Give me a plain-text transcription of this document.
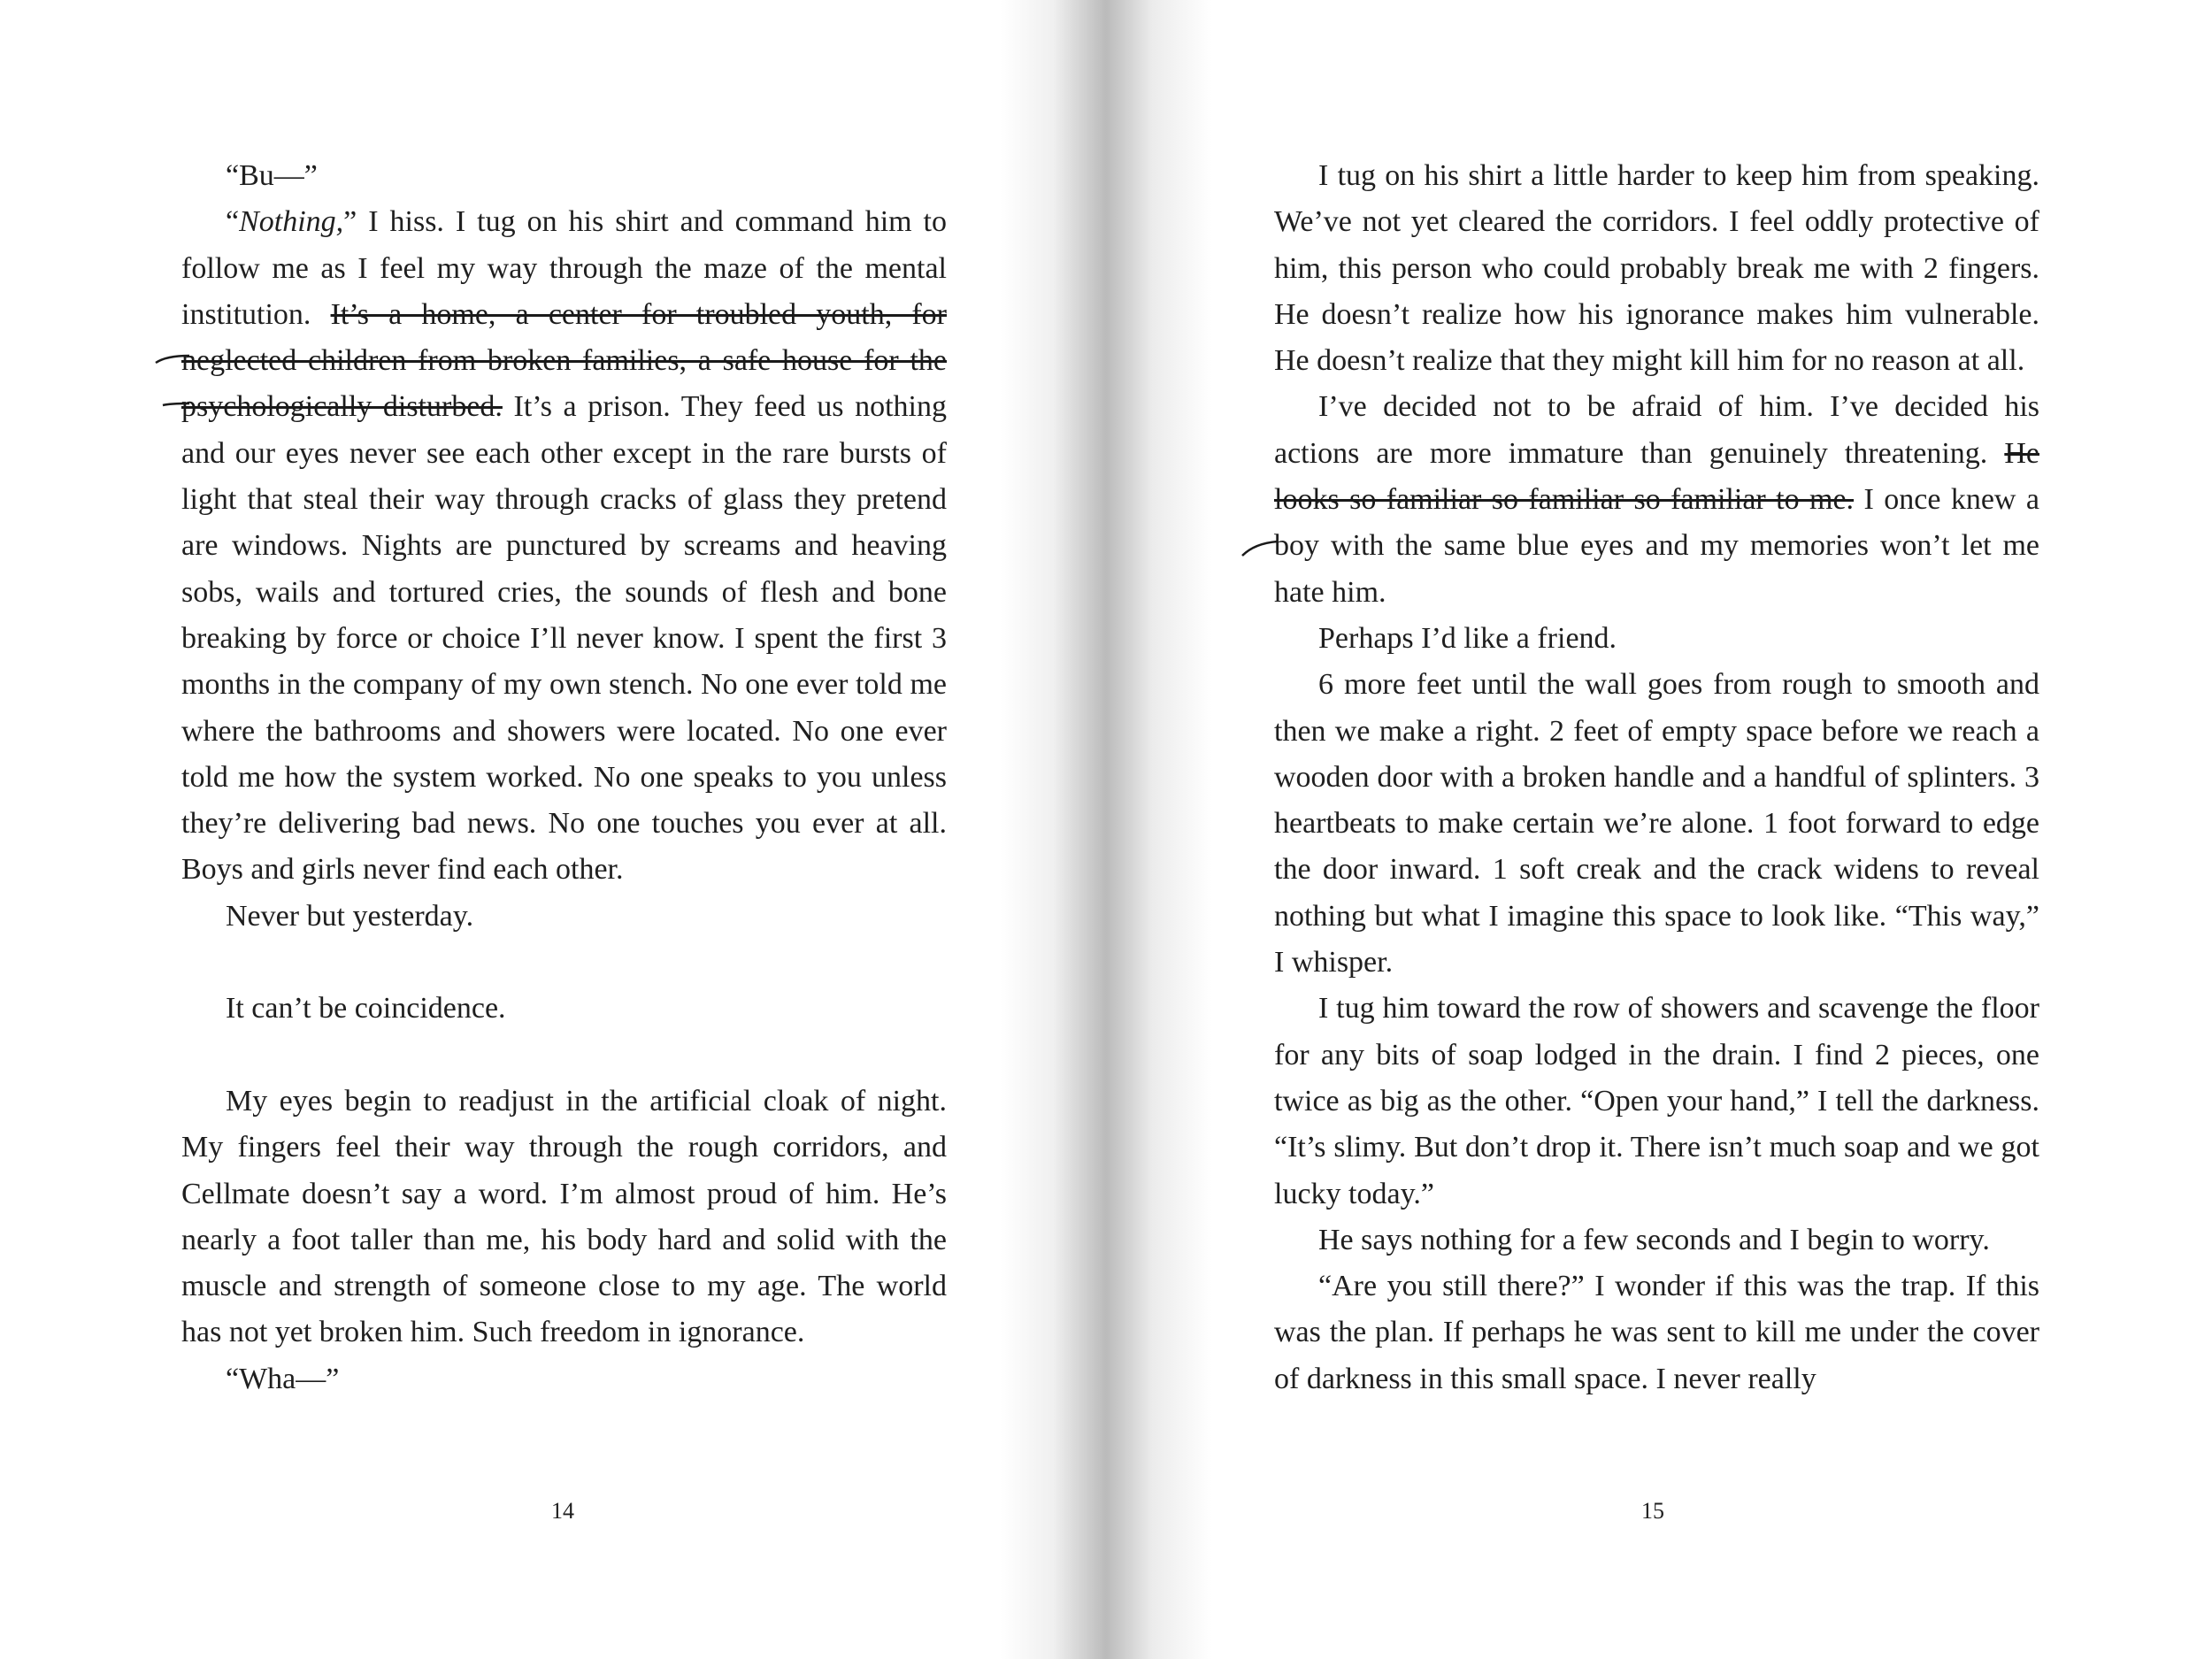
“Bu—”

“Nothing,” I hiss. I tug on his shirt and command him to follow me as I feel my way through the maze of the mental institution. It’s a home, a center for troubled youth, for neglected children from broken families, a safe house for the psychologically disturbed. It’s a prison. They feed us nothing and our eyes never see each other except in the rare bursts of light that steal their way through cracks of glass they pretend are windows. Nights are punctured by screams and heaving sobs, wails and tortured cries, the sounds of flesh and bone breaking by force or choice I’ll never know. I spent the first 3 months in the company of my own stench. No one ever told me where the bathrooms and showers were located. No one ever told me how the system worked. No one speaks to you unless they’re delivering bad news. No one touches you ever at all. Boys and girls never find each other.

Never but yesterday.

It can’t be coincidence.

My eyes begin to readjust in the artificial cloak of night. My fingers feel their way through the rough corridors, and Cellmate doesn’t say a word. I’m almost proud of him. He’s nearly a foot taller than me, his body hard and solid with the muscle and strength of someone close to my age. The world has not yet broken him. Such freedom in ignorance.

“Wha—”

I tug on his shirt a little harder to keep him from speaking. We’ve not yet cleared the corridors. I feel oddly protective of him, this person who could probably break me with 2 fingers. He doesn’t realize how his ignorance makes him vulnerable. He doesn’t realize that they might kill him for no reason at all.

I’ve decided not to be afraid of him. I’ve decided his actions are more immature than genuinely threatening. He looks so familiar so familiar so familiar to me. I once knew a boy with the same blue eyes and my memories won’t let me hate him.

Perhaps I’d like a friend.

6 more feet until the wall goes from rough to smooth and then we make a right. 2 feet of empty space before we reach a wooden door with a broken handle and a handful of splinters. 3 heartbeats to make certain we’re alone. 1 foot forward to edge the door inward. 1 soft creak and the crack widens to reveal nothing but what I imagine this space to look like. “This way,” I whisper.

I tug him toward the row of showers and scavenge the floor for any bits of soap lodged in the drain. I find 2 pieces, one twice as big as the other. “Open your hand,” I tell the darkness. “It’s slimy. But don’t drop it. There isn’t much soap and we got lucky today.”

He says nothing for a few seconds and I begin to worry.

“Are you still there?” I wonder if this was the trap. If this was the plan. If perhaps he was sent to kill me under the cover of darkness in this small space. I never really

14	15
